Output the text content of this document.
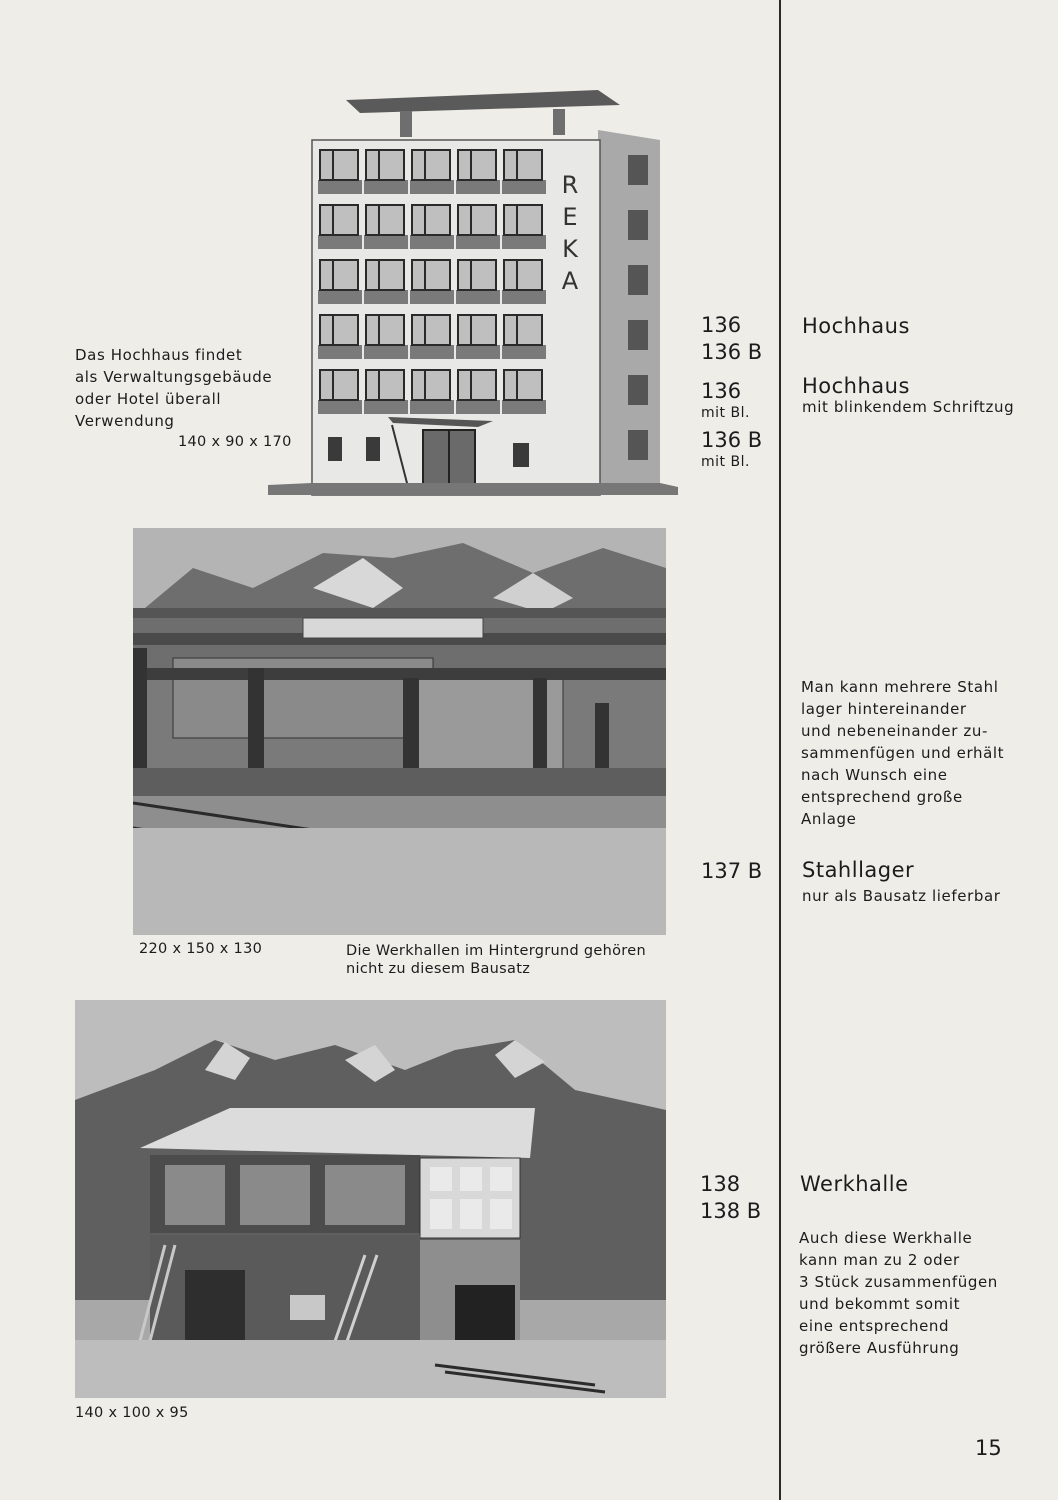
Das Hochhaus findet
als Verwaltungsgebäude
oder Hotel überall
Verwendung
140 x 90 x 170
R
E
K
A
136
136 B
136
mit Bl.
136 B
mit Bl.
Hochhaus
Hochhaus
mit blinkendem Schriftzug
220 x 150 x 130	Die Werkhallen im Hintergrund gehören
nicht zu diesem Bausatz
Man kann mehrere Stahl
lager hintereinander
und nebeneinander zu-
sammenfügen und erhält
nach Wunsch eine
entsprechend große
Anlage
137 B Stahllager
nur als Bausatz lieferbar
140 x 100 x 95
138
138 B
Werkhalle
Auch diese Werkhalle
kann man zu 2 oder
3 Stück zusammenfügen
und bekommt somit
eine entsprechend
größere Ausführung
15
